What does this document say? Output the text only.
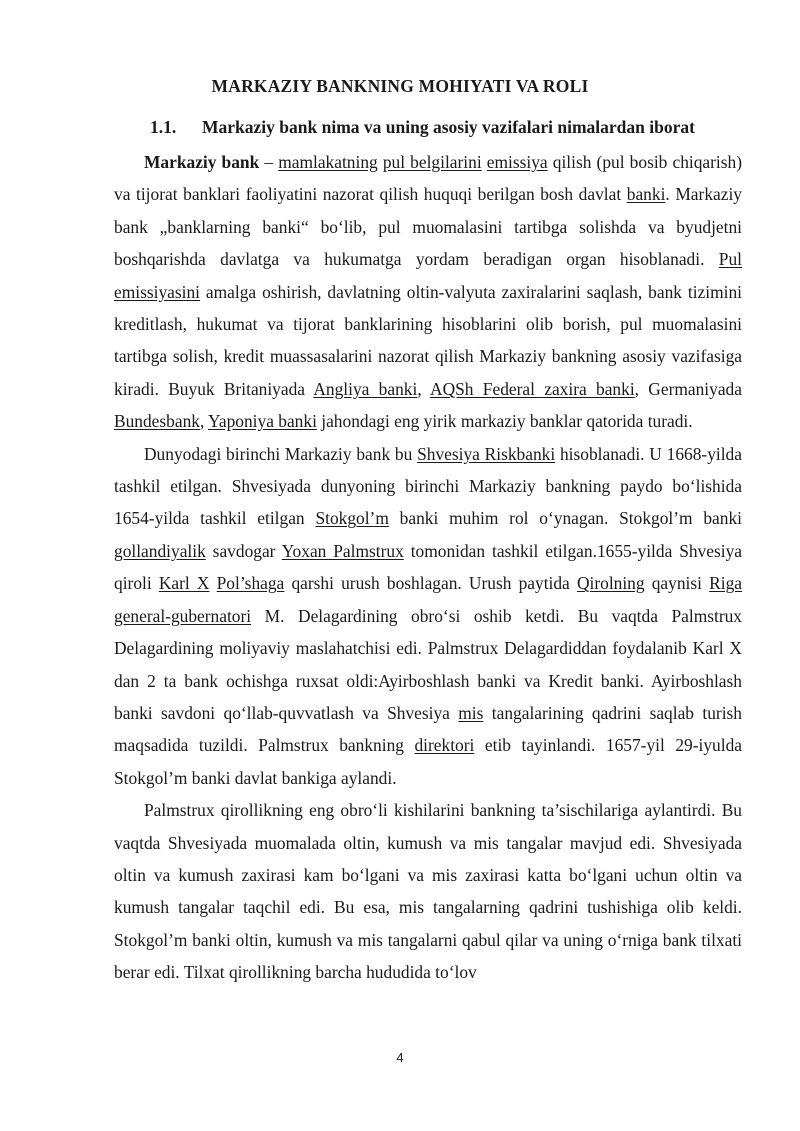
MARKAZIY BANKNING MOHIYATI VA ROLI
1.1. Markaziy bank nima va uning asosiy vazifalari nimalardan iborat

Markaziy bank – mamlakatning pul belgilarini emissiya qilish (pul bosib chiqarish) va tijorat banklari faoliyatini nazorat qilish huquqi berilgan bosh davlat banki. Markaziy bank „banklarning banki“ bo‘lib, pul muomalasini tartibga solishda va byudjetni boshqarishda davlatga va hukumatga yordam beradigan organ hisoblanadi. Pul emissiyasini amalga oshirish, davlatning oltin-valyuta zaxiralarini saqlash, bank tizimini kreditlash, hukumat va tijorat banklarining hisoblarini olib borish, pul muomalasini tartibga solish, kredit muassasalarini nazorat qilish Markaziy bankning asosiy vazifasiga kiradi. Buyuk Britaniyada Angliya banki, AQSh Federal zaxira banki, Germaniyada Bundesbank, Yaponiya banki jahondagi eng yirik markaziy banklar qatorida turadi.

Dunyodagi birinchi Markaziy bank bu Shvesiya Riskbanki hisoblanadi. U 1668-yilda tashkil etilgan. Shvesiyada dunyoning birinchi Markaziy bankning paydo bo‘lishida 1654-yilda tashkil etilgan Stokgol’m banki muhim rol o‘ynagan. Stokgol’m banki gollandiyalik savdogar Yoxan Palmstrux tomonidan tashkil etilgan.1655-yilda Shvesiya qiroli Karl X Pol’shaga qarshi urush boshlagan. Urush paytida Qirolning qaynisi Riga general-gubernatori M. Delagardining obro‘si oshib ketdi. Bu vaqtda Palmstrux Delagardining moliyaviy maslahatchisi edi. Palmstrux Delagardiddan foydalanib Karl X dan 2 ta bank ochishga ruxsat oldi:Ayirboshlash banki va Kredit banki. Ayirboshlash banki savdoni qo‘llab-quvvatlash va Shvesiya mis tangalarining qadrini saqlab turish maqsadida tuzildi. Palmstrux bankning direktori etib tayinlandi. 1657-yil 29-iyulda Stokgol’m banki davlat bankiga aylandi.

Palmstrux qirollikning eng obro‘li kishilarini bankning ta’sischilariga aylantirdi. Bu vaqtda Shvesiyada muomalada oltin, kumush va mis tangalar mavjud edi. Shvesiyada oltin va kumush zaxirasi kam bo‘lgani va mis zaxirasi katta bo‘lgani uchun oltin va kumush tangalar taqchil edi. Bu esa, mis tangalarning qadrini tushishiga olib keldi. Stokgol’m banki oltin, kumush va mis tangalarni qabul qilar va uning o‘rniga bank tilxati berar edi. Tilxat qirollikning barcha hududida to‘lov

4
